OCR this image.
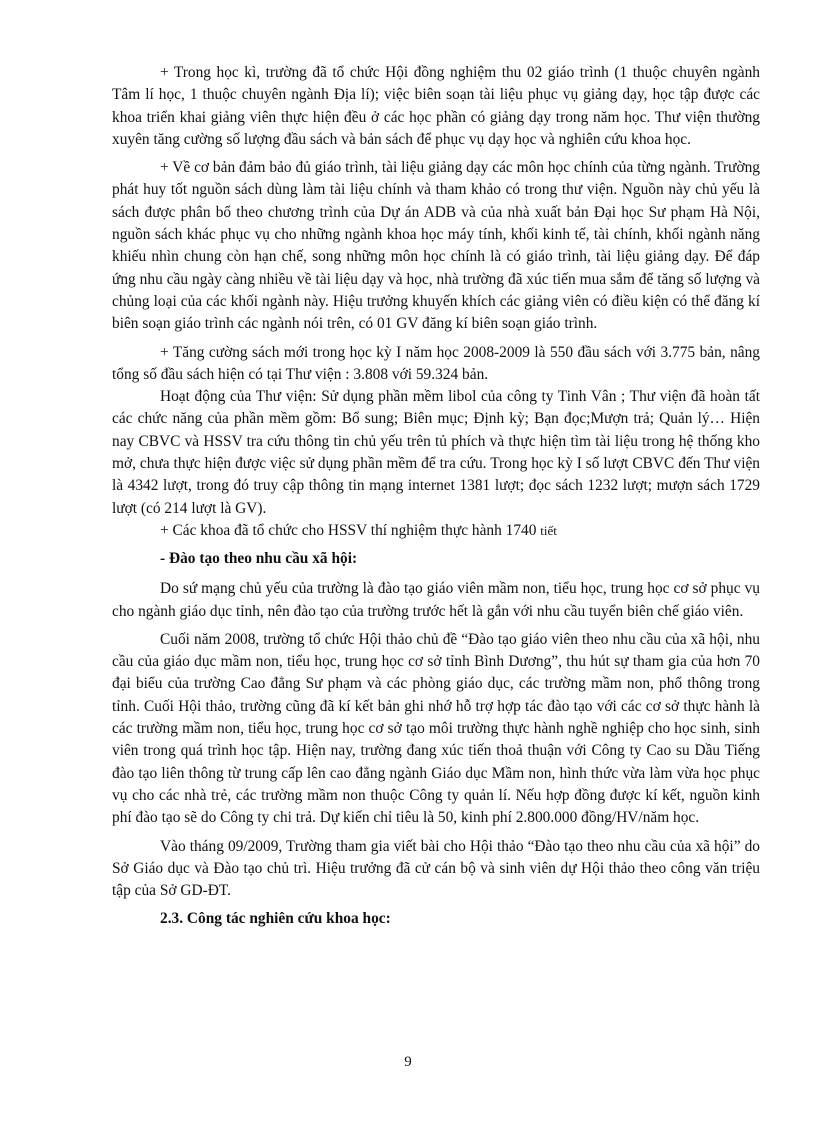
+ Trong học kì, trường đã tổ chức Hội đồng nghiệm thu 02 giáo trình (1 thuộc chuyên ngành Tâm lí học, 1 thuộc chuyên ngành Địa lí); việc biên soạn tài liệu phục vụ giảng dạy, học tập được các khoa triển khai giảng viên thực hiện đều ở các học phần có giảng dạy trong năm học. Thư viện thường xuyên tăng cường số lượng đầu sách và bản sách để phục vụ dạy học và nghiên cứu khoa học.

+ Về cơ bản đảm bảo đủ giáo trình, tài liệu giảng dạy các môn học chính của từng ngành. Trường phát huy tốt nguồn sách dùng làm tài liệu chính và tham khảo có trong thư viện. Nguồn này chủ yếu là sách được phân bổ theo chương trình của Dự án ADB và của nhà xuất bản Đại học Sư phạm Hà Nội, nguồn sách khác phục vụ cho những ngành khoa học máy tính, khối kinh tế, tài chính, khối ngành năng khiếu nhìn chung còn hạn chế, song những môn học chính là có giáo trình, tài liệu giảng dạy. Để đáp ứng nhu cầu ngày càng nhiều về tài liệu dạy và học, nhà trường đã xúc tiến mua sắm để tăng số lượng và chủng loại của các khối ngành này. Hiệu trưởng khuyến khích các giảng viên có điều kiện có thể đăng kí biên soạn giáo trình các ngành nói trên, có 01 GV đăng kí biên soạn giáo trình.

+ Tăng cường sách mới trong học kỳ I năm học 2008-2009 là 550 đầu sách với 3.775 bản, nâng tổng số đầu sách hiện có tại Thư viện : 3.808 với 59.324 bản.

Hoạt động của Thư viện: Sử dụng phần mềm libol của công ty Tinh Vân ; Thư viện đã hoàn tất các chức năng của phần mềm gồm: Bổ sung; Biên mục; Định kỳ; Bạn đọc;Mượn trả; Quản lý… Hiện nay CBVC và HSSV tra cứu thông tin chủ yếu trên tủ phích và thực hiện tìm tài liệu trong hệ thống kho mở, chưa thực hiện được việc sử dụng phần mềm để tra cứu. Trong học kỳ I số lượt CBVC đến Thư viện là 4342 lượt, trong đó truy cập thông tin mạng internet 1381 lượt; đọc sách 1232 lượt; mượn sách 1729 lượt (có 214 lượt là GV).

+ Các khoa đã tổ chức cho HSSV thí nghiệm thực hành 1740 tiết

- Đào tạo theo nhu cầu xã hội:

Do sứ mạng chủ yếu của trường là đào tạo giáo viên mầm non, tiểu học, trung học cơ sở phục vụ cho ngành giáo dục tỉnh, nên đào tạo của trường trước hết là gắn với nhu cầu tuyển biên chế giáo viên.

Cuối năm 2008, trường tổ chức Hội thảo chủ đề “Đào tạo giáo viên theo nhu cầu của xã hội, nhu cầu của giáo dục mầm non, tiểu học, trung học cơ sở tỉnh Bình Dương”, thu hút sự tham gia của hơn 70 đại biểu của trường Cao đẳng Sư phạm và các phòng giáo dục, các trường mầm non, phổ thông trong tỉnh. Cuối Hội thảo, trường cũng đã kí kết bản ghi nhớ hỗ trợ hợp tác đào tạo với các cơ sở thực hành là các trường mầm non, tiểu học, trung học cơ sở tạo môi trường thực hành nghề nghiệp cho học sinh, sinh viên trong quá trình học tập. Hiện nay, trường đang xúc tiến thoả thuận với Công ty Cao su Dầu Tiếng đào tạo liên thông từ trung cấp lên cao đẳng ngành Giáo dục Mầm non, hình thức vừa làm vừa học phục vụ cho các nhà trẻ, các trường mầm non thuộc Công ty quản lí. Nếu hợp đồng được kí kết, nguồn kinh phí đào tạo sẽ do Công ty chi trả. Dự kiến chỉ tiêu là 50, kinh phí 2.800.000 đồng/HV/năm học.

Vào tháng 09/2009, Trường tham gia viết bài cho Hội thảo “Đào tạo theo nhu cầu của xã hội” do Sở Giáo dục và Đào tạo chủ trì. Hiệu trưởng đã cử cán bộ và sinh viên dự Hội thảo theo công văn triệu tập của Sở GD-ĐT.

2.3. Công tác nghiên cứu khoa học:

9
